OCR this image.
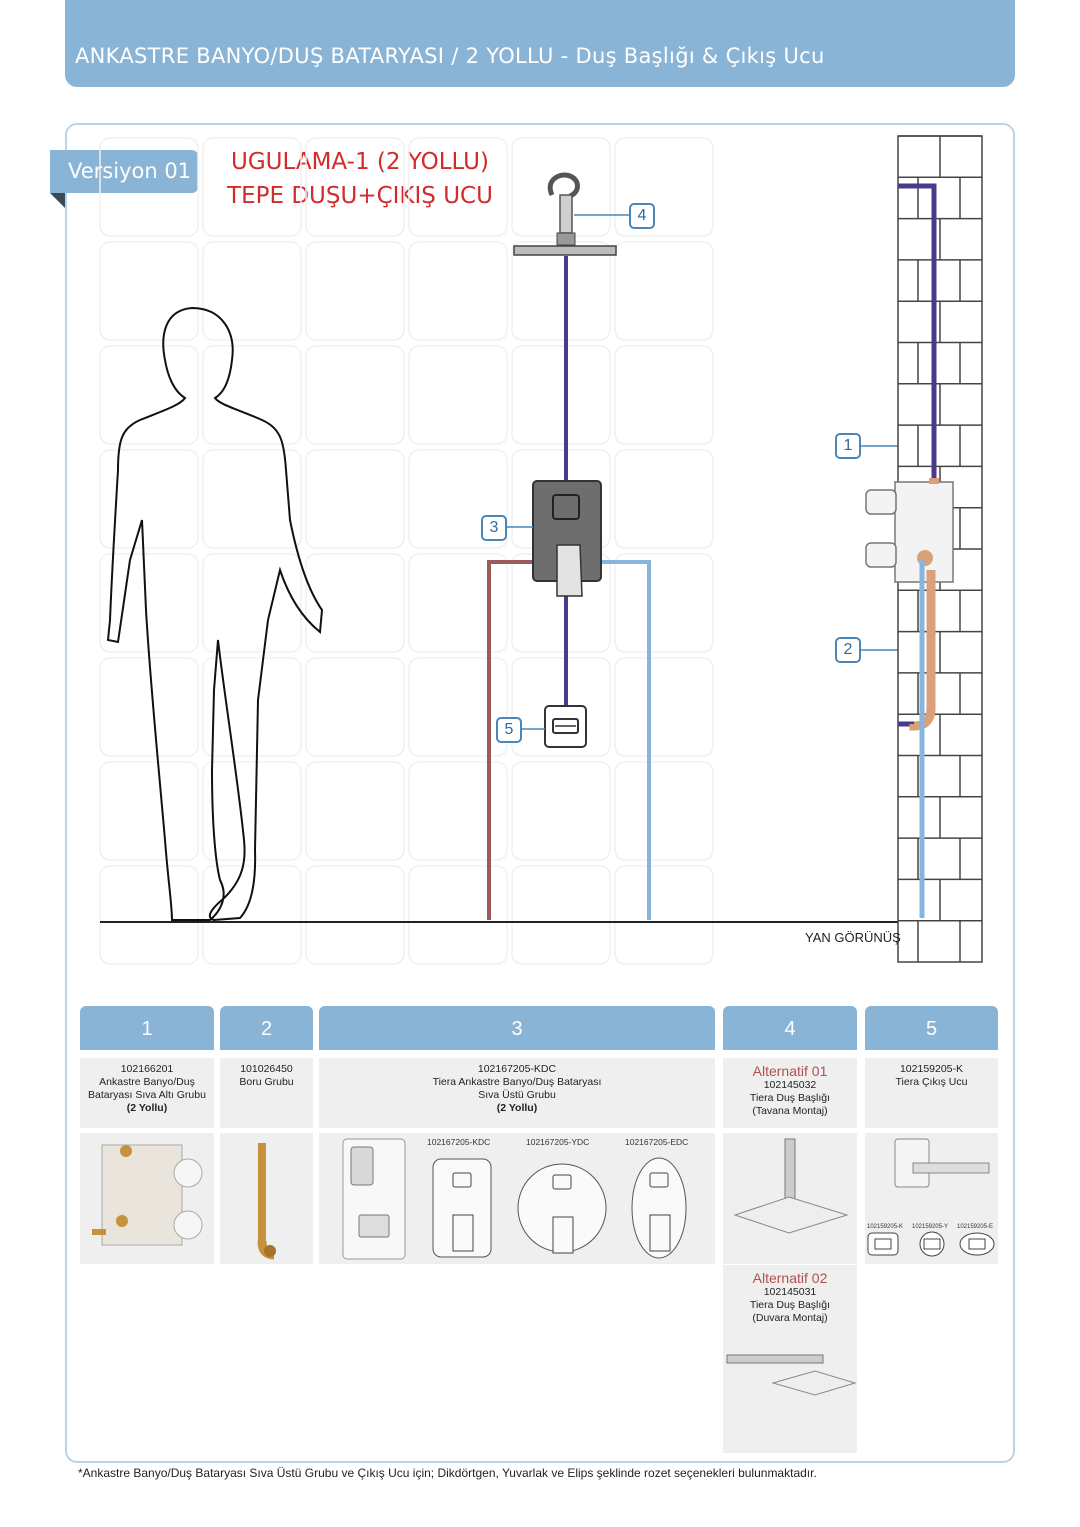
ANKASTRE BANYO/DUŞ BATARYASI / 2 YOLLU - Duş Başlığı & Çıkış Ucu
Versiyon 01	UGULAMA-1 (2 YOLLU)
TEPE DUŞU+ÇIKIŞ UCU
4
3
5
1
2
YAN GÖRÜNÜŞ
1
102166201
Ankastre Banyo/Duş
Bataryası Sıva Altı Grubu
(2 Yollu)
2
101026450
Boru Grubu
3
102167205-KDC
Tiera Ankastre Banyo/Duş Bataryası
Sıva Üstü Grubu
(2 Yollu)
102167205-KDC	102167205-YDC	102167205-EDC
4
Alternatif 01
102145032
Tiera Duş Başlığı
(Tavana Montaj)
Alternatif 02
102145031
Tiera Duş Başlığı
(Duvara Montaj)
5
102159205-K
Tiera Çıkış Ucu
102159205-K 102159205-Y 102159205-E
*Ankastre Banyo/Duş Bataryası Sıva Üstü Grubu ve Çıkış Ucu için; Dikdörtgen, Yuvarlak ve Elips şeklinde rozet seçenekleri bulunmaktadır.
